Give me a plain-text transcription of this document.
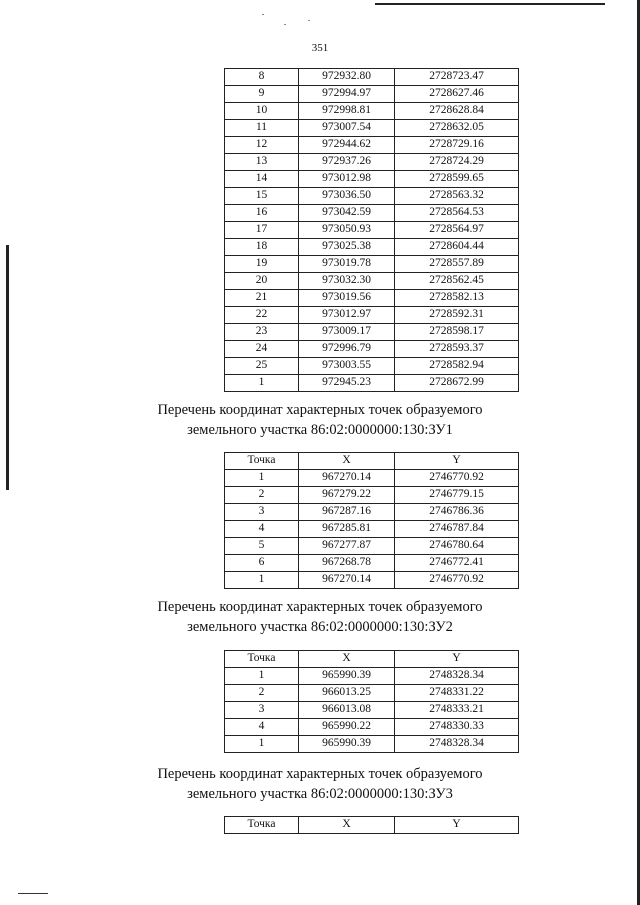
351
8	972932.80	2728723.47
9	972994.97	2728627.46
10	972998.81	2728628.84
11	973007.54	2728632.05
12	972944.62	2728729.16
13	972937.26	2728724.29
14	973012.98	2728599.65
15	973036.50	2728563.32
16	973042.59	2728564.53
17	973050.93	2728564.97
18	973025.38	2728604.44
19	973019.78	2728557.89
20	973032.30	2728562.45
21	973019.56	2728582.13
22	973012.97	2728592.31
23	973009.17	2728598.17
24	972996.79	2728593.37
25	973003.55	2728582.94
1	972945.23	2728672.99
Перечень координат характерных точек образуемого
земельного участка 86:02:0000000:130:ЗУ1
Точка	X	Y
1	967270.14	2746770.92
2	967279.22	2746779.15
3	967287.16	2746786.36
4	967285.81	2746787.84
5	967277.87	2746780.64
6	967268.78	2746772.41
1	967270.14	2746770.92
Перечень координат характерных точек образуемого
земельного участка 86:02:0000000:130:ЗУ2
Точка	X	Y
1	965990.39	2748328.34
2	966013.25	2748331.22
3	966013.08	2748333.21
4	965990.22	2748330.33
1	965990.39	2748328.34
Перечень координат характерных точек образуемого
земельного участка 86:02:0000000:130:ЗУ3
Точка	X	Y
